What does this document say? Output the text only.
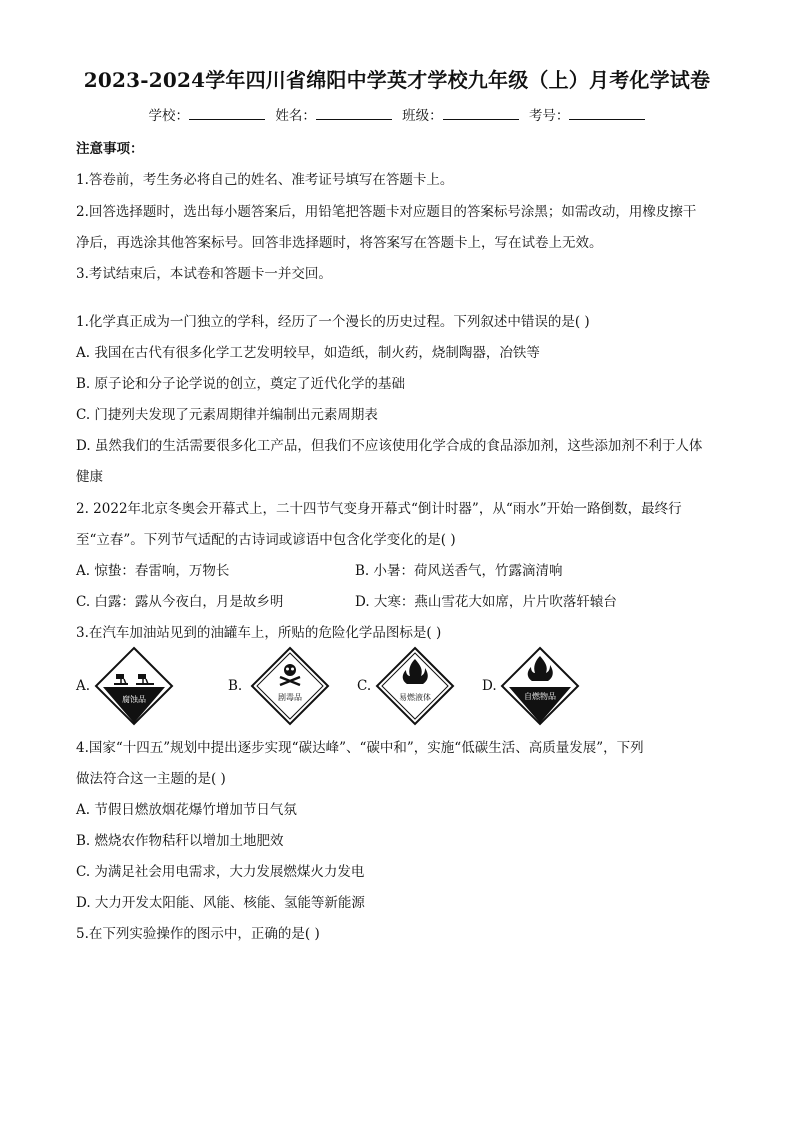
2023-2024学年四川省绵阳中学英才学校九年级（上）月考化学试卷
学校：	姓名：	班级：	考号：
注意事项：
1.答卷前，考生务必将自己的姓名、准考证号填写在答题卡上。
2.回答选择题时，选出每小题答案后，用铅笔把答题卡对应题目的答案标号涂黑；如需改动，用橡皮擦干
净后，再选涂其他答案标号。回答非选择题时，将答案写在答题卡上，写在试卷上无效。
3.考试结束后，本试卷和答题卡一并交回。
1.化学真正成为一门独立的学科，经历了一个漫长的历史过程。下列叙述中错误的是( )
A. 我国在古代有很多化学工艺发明较早，如造纸，制火药，烧制陶器，冶铁等
B. 原子论和分子论学说的创立，奠定了近代化学的基础
C. 门捷列夫发现了元素周期律并编制出元素周期表
D. 虽然我们的生活需要很多化工产品，但我们不应该使用化学合成的食品添加剂，这些添加剂不利于人体
健康
2. 2022年北京冬奥会开幕式上，二十四节气变身开幕式“倒计时器”，从“雨水”开始一路倒数，最终行
至“立春”。下列节气适配的古诗词或谚语中包含化学变化的是( )
A. 惊蛰：春雷响，万物长	B. 小暑：荷风送香气，竹露滴清响
C. 白露：露从今夜白，月是故乡明	D. 大寒：燕山雪花大如席，片片吹落轩辕台
3.在汽车加油站见到的油罐车上，所贴的危险化学品图标是( )
A.
腐蚀品
B.
剧毒品
C.
易燃液体
D.
自燃物品
4.国家“十四五”规划中提出逐步实现“碳达峰”、“碳中和”，实施“低碳生活、高质量发展”，下列
做法符合这一主题的是( )
A. 节假日燃放烟花爆竹增加节日气氛
B. 燃烧农作物秸秆以增加土地肥效
C. 为满足社会用电需求，大力发展燃煤火力发电
D. 大力开发太阳能、风能、核能、氢能等新能源
5.在下列实验操作的图示中，正确的是( )
